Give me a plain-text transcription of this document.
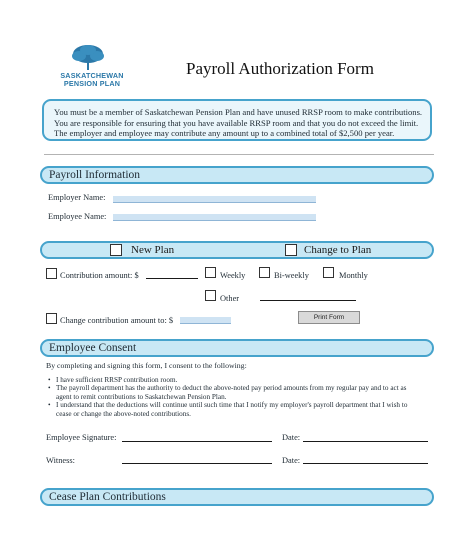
SASKATCHEWAN
PENSION PLAN
Payroll Authorization Form
You must be a member of Saskatchewan Pension Plan and have unused RRSP room to make contributions.
You are responsible for ensuring that you have available RRSP room and that you do not exceed the limit.
The employer and employee may contribute any amount up to a combined total of $2,500 per year.
Payroll Information
Employer Name:
Employee Name:
New Plan	Change to Plan
Contribution amount: $	Weekly	Bi-weekly	Monthly
Other
Change contribution amount to: $	Print Form
Employee Consent
By completing and signing this form, I consent to the following:
• I have sufficient RRSP contribution room.
• The payroll department has the authority to deduct the above-noted pay period amounts from my regular pay and to act as
agent to remit contributions to Saskatchewan Pension Plan.
• I understand that the deductions will continue until such time that I notify my employer's payroll department that I wish to
cease or change the above-noted contributions.
Employee Signature:	Date:
Witness:	Date:
Cease Plan Contributions
